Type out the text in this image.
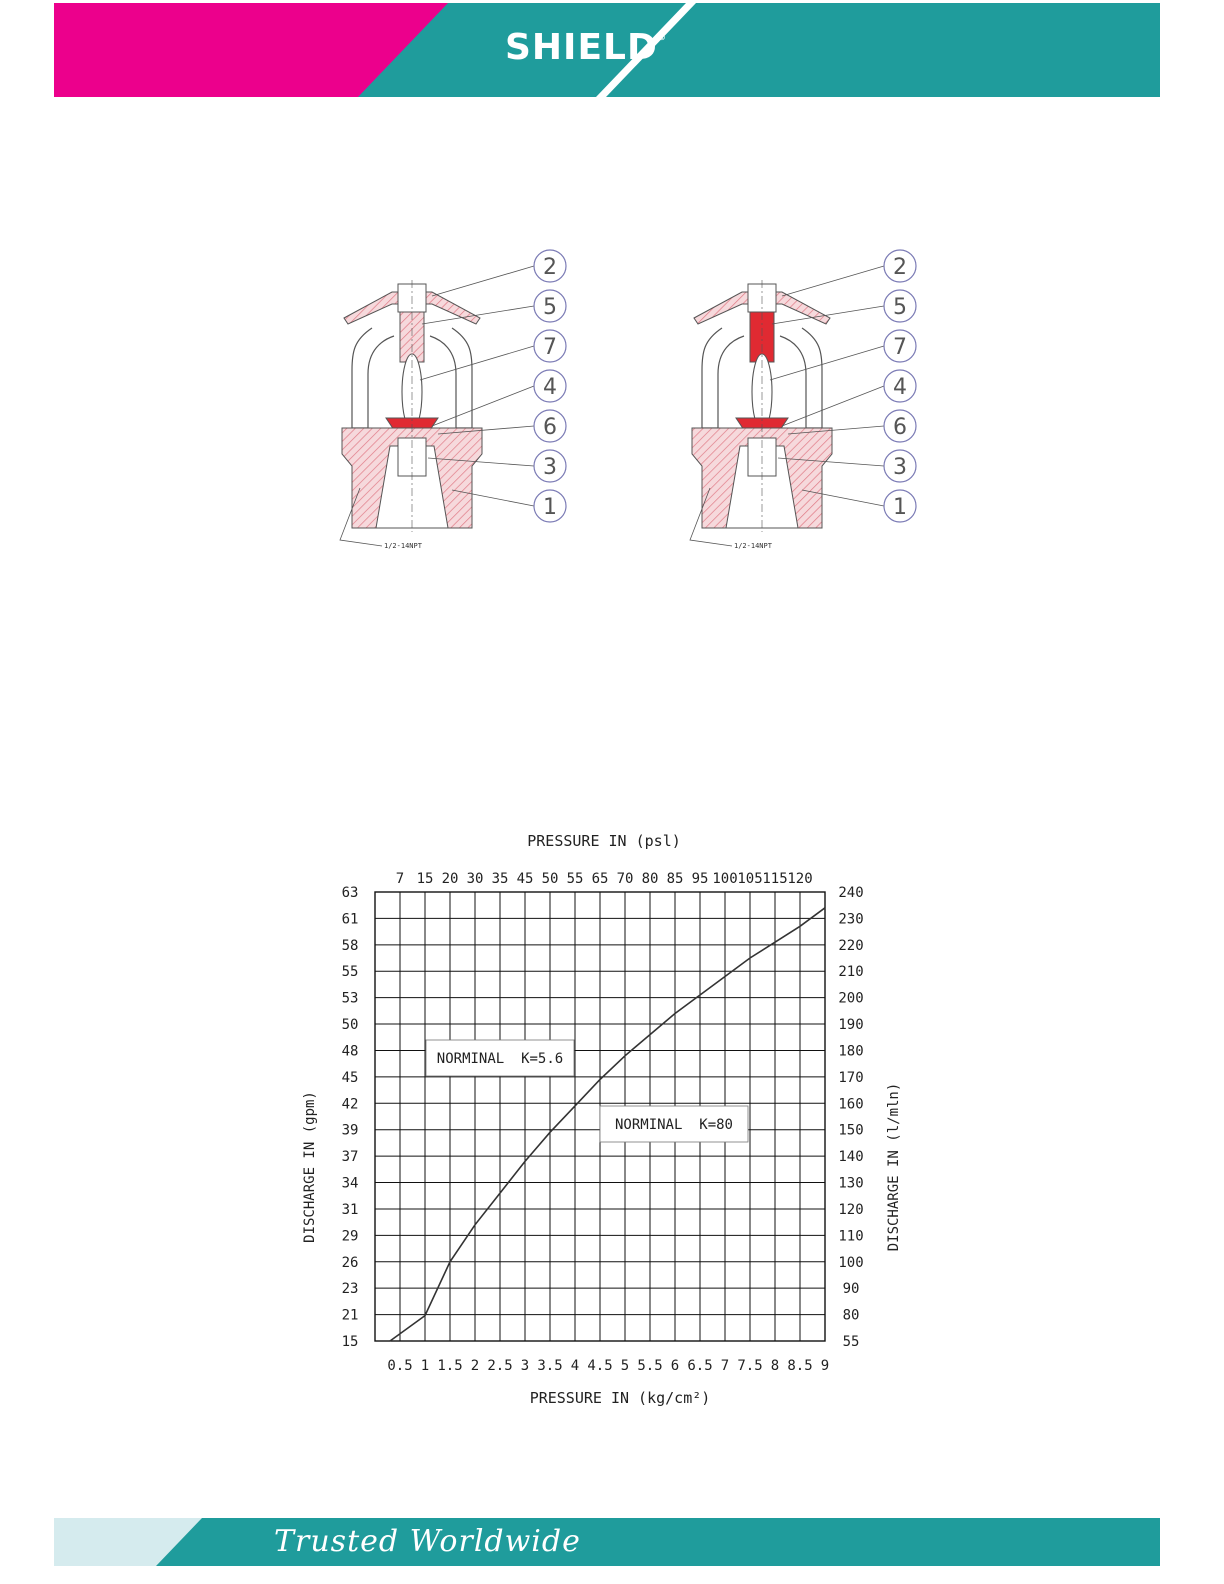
SHIELD®
1/2-14NPT
2
5
7
4
6
3
1
1/2-14NPT
2
5
7
4
6
3
1
PRESSURE IN (psl)
7 15 20 30 35 45 50 55 65 70 80 85 95 100 105 115 120
0.5 1 1.5 2 2.5 3 3.5 4 4.5 5 5.5 6 6.5 7 7.5 8 8.5 9
63
61
58
55
53
50
48
45
42
39
37
34
31
29
26
23
21
15
240
230
220
210
200
190
180
170
160
150
140
130
120
110
100
90
80
55
NORMINAL  K=5.6
NORMINAL  K=80
PRESSURE IN (kg/cm²)
DISCHARGE IN (gpm)	DISCHARGE IN (l/mln)
Trusted Worldwide
